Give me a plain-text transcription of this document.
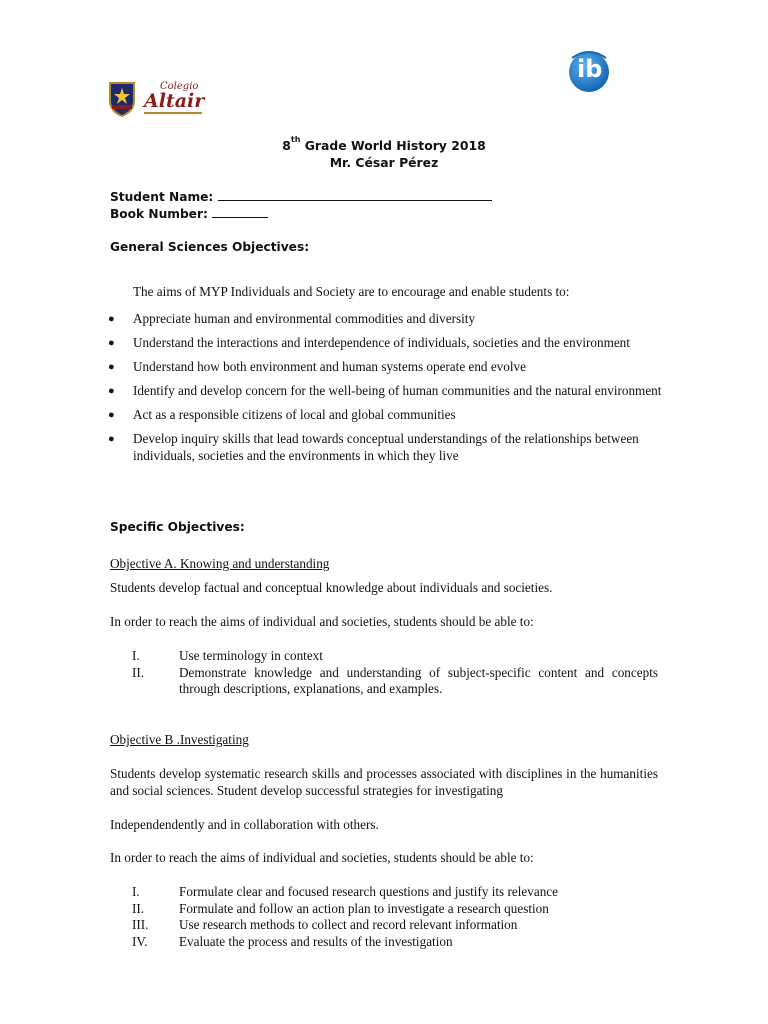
Colegio
Altair
ib
8th Grade World History 2018
Mr. César Pérez
Student Name:
Book Number:
General Sciences Objectives:
The aims of MYP Individuals and Society are to encourage and enable students to:
● Appreciate human and environmental commodities and diversity
● Understand the interactions and interdependence of individuals, societies and the environment
● Understand how both environment and human systems operate end evolve
● Identify and develop concern for the well-being of human communities and the natural environment
● Act as a responsible citizens of local and global communities
● Develop inquiry skills that lead towards conceptual understandings of the relationships between individuals, societies and the environments in which they live
Specific Objectives:
Objective A. Knowing and understanding
Students develop factual and conceptual knowledge about individuals and societies.
In order to reach the aims of individual and societies, students should be able to:
I.	Use terminology in context
II.	Demonstrate knowledge and understanding of subject-specific content and concepts through descriptions, explanations, and examples.
Objective B .Investigating
Students develop systematic research skills and processes associated with disciplines in the humanities and social sciences. Student develop successful strategies for investigating
Independendently and in collaboration with others.
In order to reach the aims of individual and societies, students should be able to:
I.	Formulate clear and focused research questions and justify its relevance
II.	Formulate and follow an action plan to investigate a research question
III. Use research methods to collect and record relevant information
IV. Evaluate the process and results of the investigation
